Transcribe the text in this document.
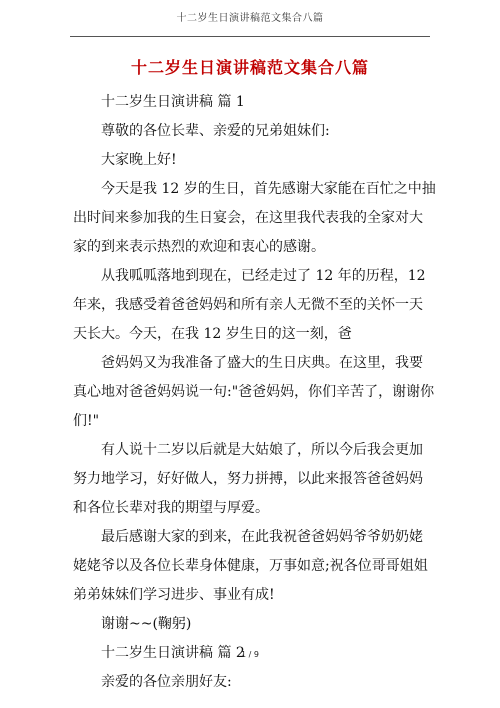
十二岁生日演讲稿范文集合八篇
十二岁生日演讲稿范文集合八篇
十二岁生日演讲稿 篇 1
尊敬的各位长辈、亲爱的兄弟姐妹们:
大家晚上好!
今天是我 12 岁的生日，首先感谢大家能在百忙之中抽
出时间来参加我的生日宴会，在这里我代表我的全家对大
家的到来表示热烈的欢迎和衷心的感谢。
从我呱呱落地到现在，已经走过了 12 年的历程，12
年来，我感受着爸爸妈妈和所有亲人无微不至的关怀一天
天长大。今天，在我 12 岁生日的这一刻，爸
爸妈妈又为我准备了盛大的生日庆典。在这里，我要
真心地对爸爸妈妈说一句:"爸爸妈妈，你们辛苦了，谢谢你
们!"
有人说十二岁以后就是大姑娘了，所以今后我会更加
努力地学习，好好做人，努力拼搏，以此来报答爸爸妈妈
和各位长辈对我的期望与厚爱。
最后感谢大家的到来，在此我祝爸爸妈妈爷爷奶奶姥
姥姥爷以及各位长辈身体健康，万事如意;祝各位哥哥姐姐
弟弟妹妹们学习进步、事业有成!
谢谢~~(鞠躬)
十二岁生日演讲稿 篇 2
亲爱的各位亲朋好友:
1 / 9
